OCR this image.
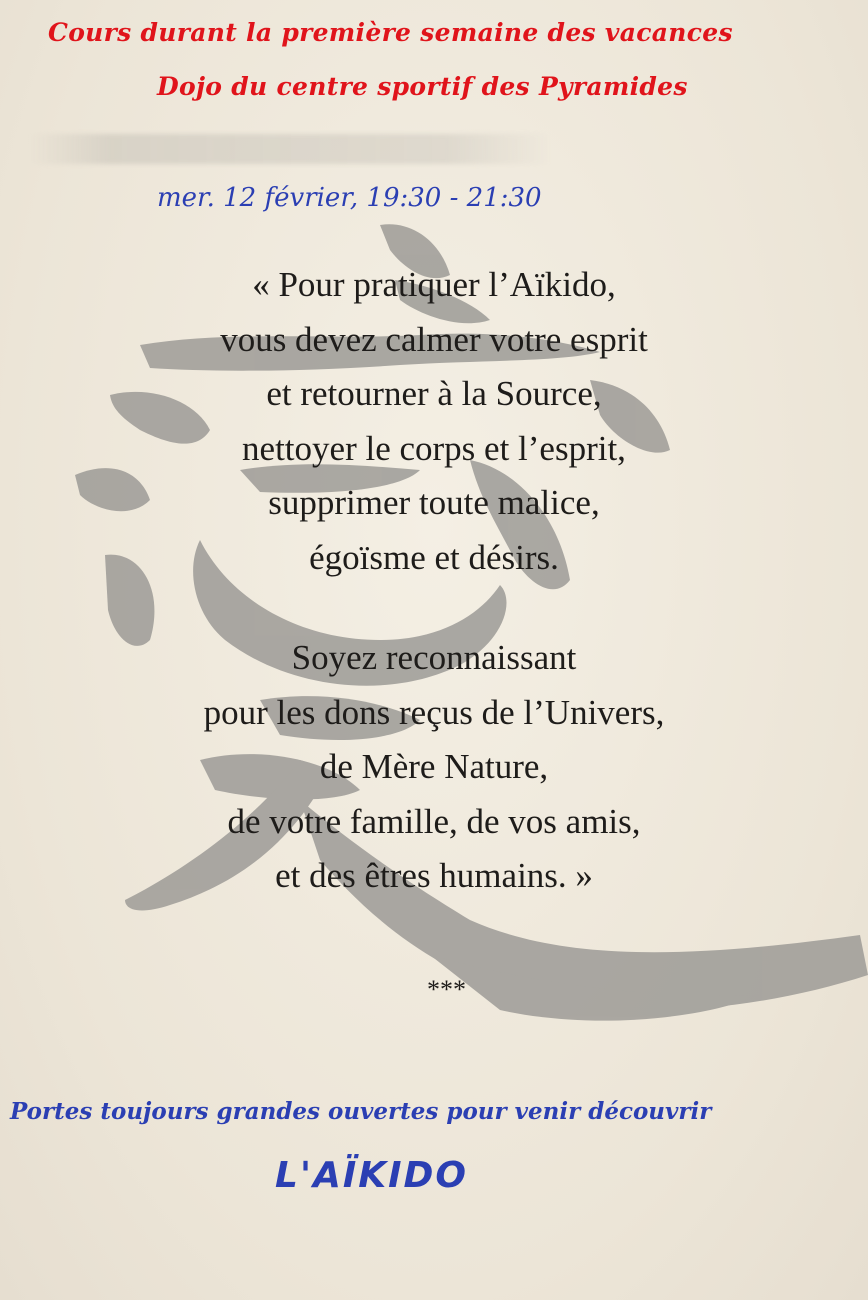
Cours durant la première semaine des vacances
Dojo du centre sportif des Pyramides
mer. 12 février, 19:30 - 21:30
« Pour pratiquer l’Aïkido,
vous devez calmer votre esprit
et retourner à la Source,
nettoyer le corps et l’esprit,
supprimer toute malice,
égoïsme et désirs.
Soyez reconnaissant
pour les dons reçus de l’Univers,
de Mère Nature,
de votre famille, de vos amis,
et des êtres humains. »
***
Portes toujours grandes ouvertes pour venir découvrir
L'AÏKIDO
